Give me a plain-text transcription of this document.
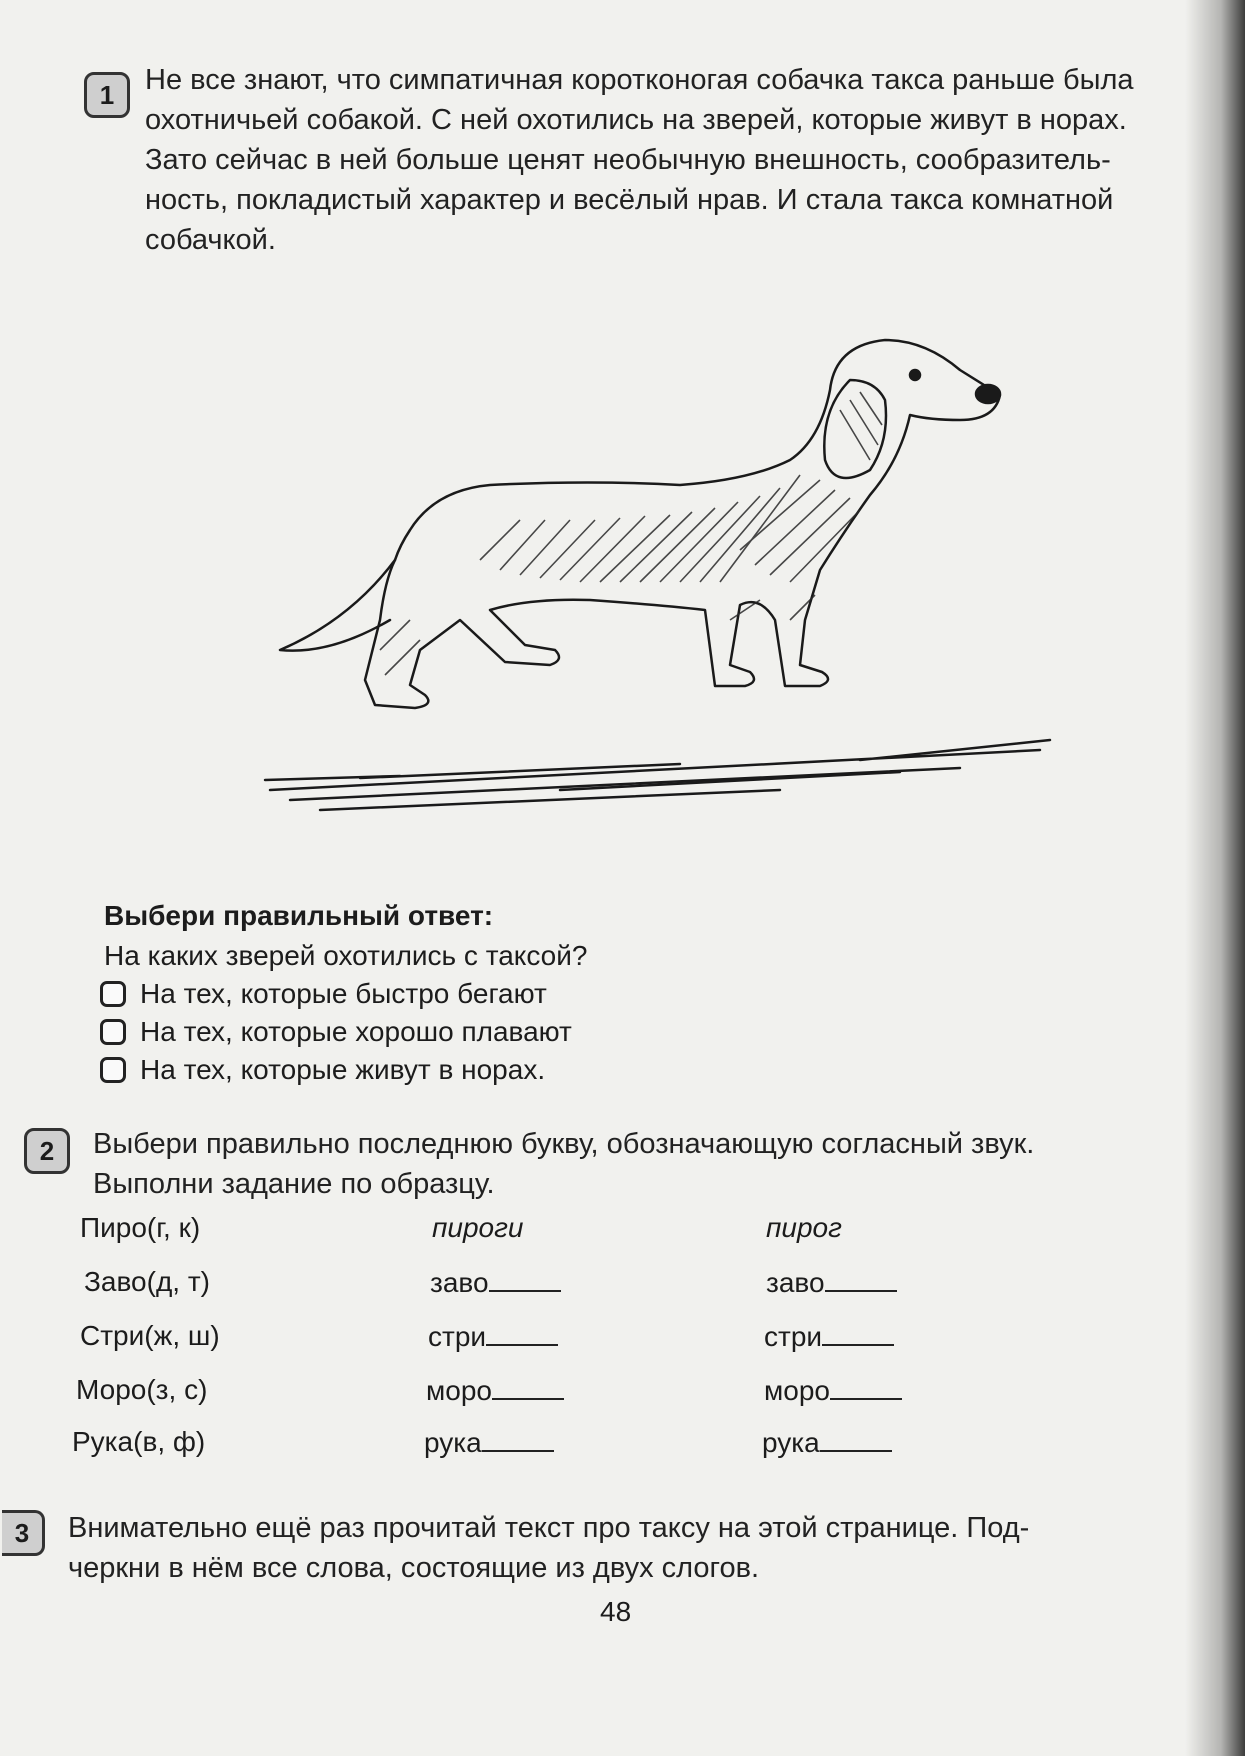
1	Не все знают, что симпатичная коротконогая собачка такса раньше была
охотничьей собакой. С ней охотились на зверей, которые живут в норах.
Зато сейчас в ней больше ценят необычную внешность, сообразитель-
ность, покладистый характер и весёлый нрав. И стала такса комнатной
собачкой.
Выбери правильный ответ:
На каких зверей охотились с таксой?
На тех, которые быстро бегают
На тех, которые хорошо плавают
На тех, которые живут в норах.
2	Выбери правильно последнюю букву, обозначающую согласный звук.
Выполни задание по образцу.
Пиро(г, к)	пироги	пирог
Заво(д, т)	заво	заво
Стри(ж, ш)	стри	стри
Моро(з, с)	моро	моро
Рука(в, ф)	рука	рука
3	Внимательно ещё раз прочитай текст про таксу на этой странице. Под-
черкни в нём все слова, состоящие из двух слогов.
48
